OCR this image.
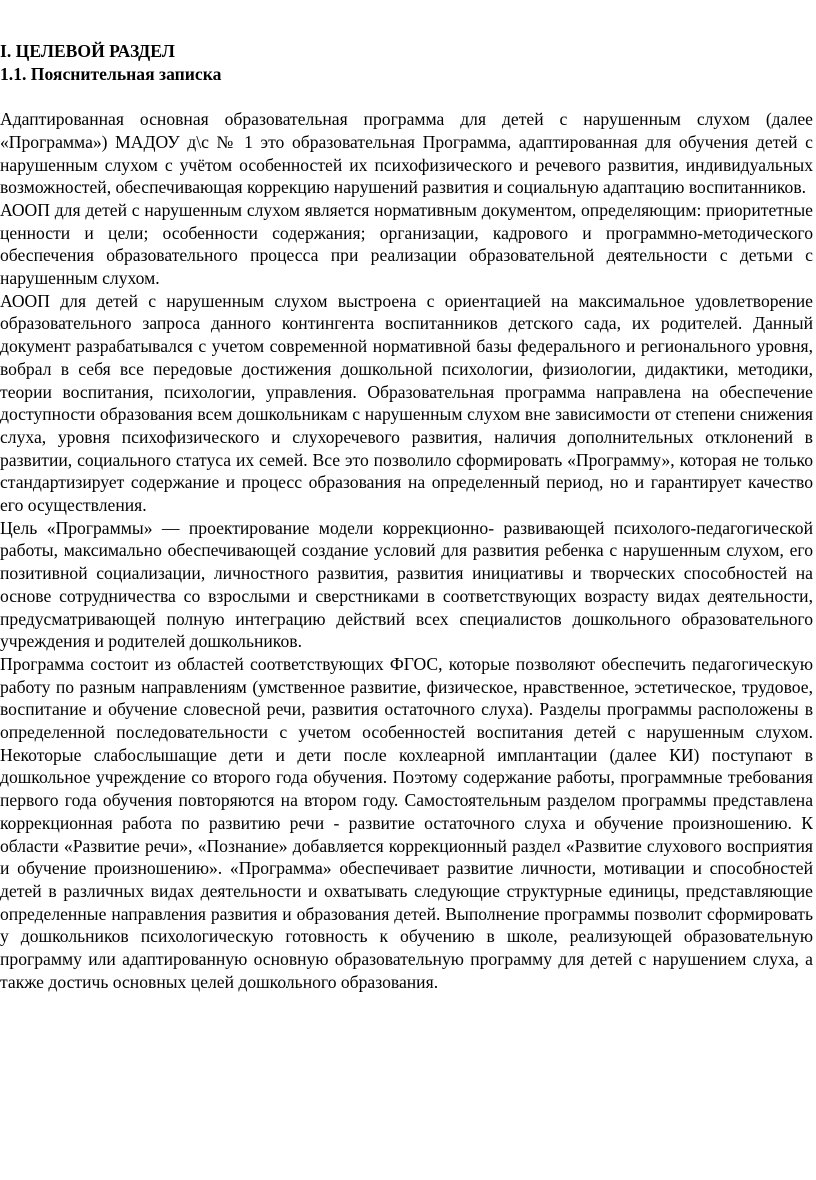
I. ЦЕЛЕВОЙ РАЗДЕЛ

1.1. Пояснительная записка

Адаптированная основная образовательная программа для детей с нарушенным слухом (далее «Программа») МАДОУ д\с № 1 это образовательная Программа, адаптированная для обучения детей с нарушенным слухом с учётом особенностей их психофизического и речевого развития, индивидуальных возможностей, обеспечивающая коррекцию нарушений развития и социальную адаптацию воспитанников.

АООП для детей с нарушенным слухом является нормативным документом, определяющим: приоритетные ценности и цели; особенности содержания; организации, кадрового и программно-методического обеспечения образовательного процесса при реализации образовательной деятельности с детьми с нарушенным слухом.

АООП для детей с нарушенным слухом выстроена с ориентацией на максимальное удовлетворение образовательного запроса данного контингента воспитанников детского сада, их родителей. Данный документ разрабатывался с учетом современной нормативной базы федерального и регионального уровня, вобрал в себя все передовые достижения дошкольной психологии, физиологии, дидактики, методики, теории воспитания, психологии, управления. Образовательная программа направлена на обеспечение доступности образования всем дошкольникам с нарушенным слухом вне зависимости от степени снижения слуха, уровня психофизического и слухоречевого развития, наличия дополнительных отклонений в развитии, социального статуса их семей. Все это позволило сформировать «Программу», которая не только стандартизирует содержание и процесс образования на определенный период, но и гарантирует качество его осуществления.

Цель «Программы» — проектирование модели коррекционно- развивающей психолого-педагогической работы, максимально обеспечивающей создание условий для развития ребенка с нарушенным слухом, его позитивной социализации, личностного развития, развития инициативы и творческих способностей на основе сотрудничества со взрослыми и сверстниками в соответствующих возрасту видах деятельности, предусматривающей полную интеграцию действий всех специалистов дошкольного образовательного учреждения и родителей дошкольников.

Программа состоит из областей соответствующих ФГОС, которые позволяют обеспечить педагогическую работу по разным направлениям (умственное развитие, физическое, нравственное, эстетическое, трудовое, воспитание и обучение словесной речи, развития остаточного слуха). Разделы программы расположены в определенной последовательности с учетом особенностей воспитания детей с нарушенным слухом. Некоторые слабослышащие дети и дети после кохлеарной имплантации (далее КИ) поступают в дошкольное учреждение со второго года обучения. Поэтому содержание работы, программные требования первого года обучения повторяются на втором году. Самостоятельным разделом программы представлена коррекционная работа по развитию речи - развитие остаточного слуха и обучение произношению. К области «Развитие речи», «Познание» добавляется коррекционный раздел «Развитие слухового восприятия и обучение произношению». «Программа» обеспечивает развитие личности, мотивации и способностей детей в различных видах деятельности и охватывать следующие структурные единицы, представляющие определенные направления развития и образования детей. Выполнение программы позволит сформировать у дошкольников психологическую готовность к обучению в школе, реализующей образовательную программу или адаптированную основную образовательную программу для детей с нарушением слуха, а также достичь основных целей дошкольного образования.
